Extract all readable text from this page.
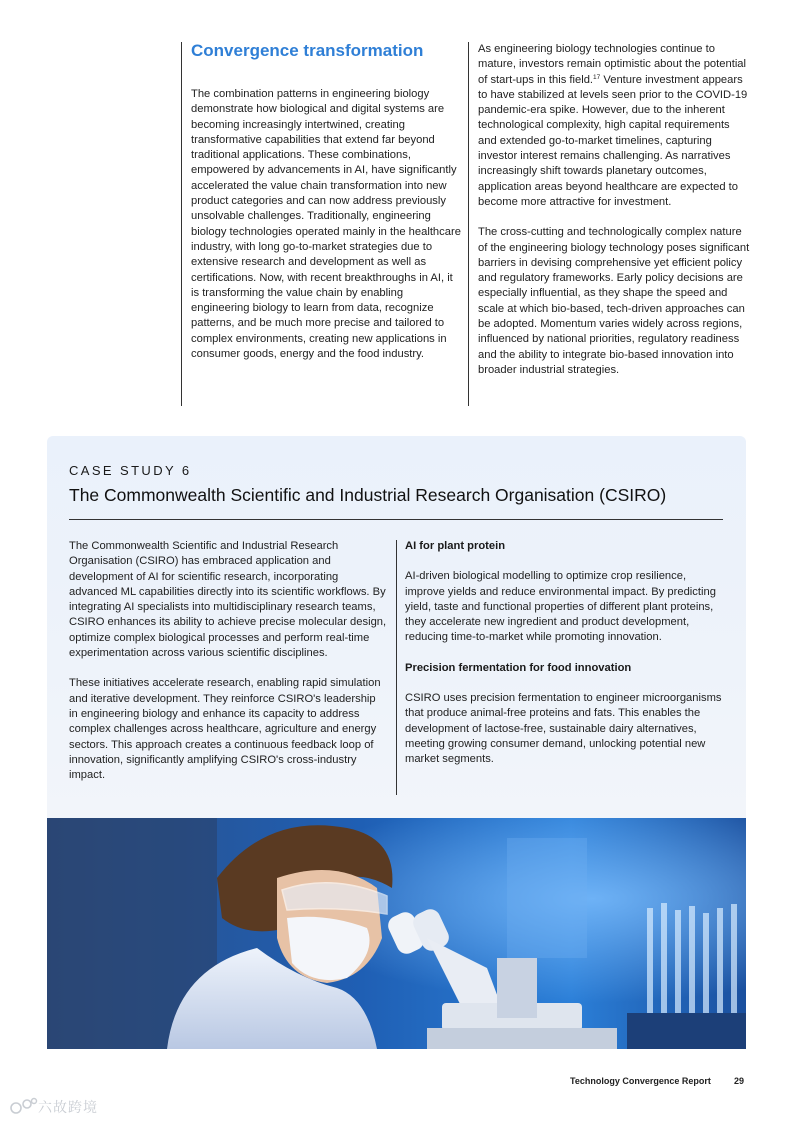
Convergence transformation

The combination patterns in engineering biology demonstrate how biological and digital systems are becoming increasingly intertwined, creating transformative capabilities that extend far beyond traditional applications. These combinations, empowered by advancements in AI, have significantly accelerated the value chain transformation into new product categories and can now address previously unsolvable challenges. Traditionally, engineering biology technologies operated mainly in the healthcare industry, with long go-to-market strategies due to extensive research and development as well as certifications. Now, with recent breakthroughs in AI, it is transforming the value chain by enabling engineering biology to learn from data, recognize patterns, and be much more precise and tailored to complex environments, creating new applications in consumer goods, energy and the food industry.

As engineering biology technologies continue to mature, investors remain optimistic about the potential of start-ups in this field.$^{17}$ Venture investment appears to have stabilized at levels seen prior to the COVID-19 pandemic-era spike. However, due to the inherent technological complexity, high capital requirements and extended go-to-market timelines, capturing investor interest remains challenging. As narratives increasingly shift towards planetary outcomes, application areas beyond healthcare are expected to become more attractive for investment.

The cross-cutting and technologically complex nature of the engineering biology technology poses significant barriers in devising comprehensive yet efficient policy and regulatory frameworks. Early policy decisions are especially influential, as they shape the speed and scale at which bio-based, tech-driven approaches can be adopted. Momentum varies widely across regions, influenced by national priorities, regulatory readiness and the ability to integrate bio-based innovation into broader industrial strategies.

CASE STUDY 6
The Commonwealth Scientific and Industrial Research Organisation (CSIRO)

The Commonwealth Scientific and Industrial Research Organisation (CSIRO) has embraced application and development of AI for scientific research, incorporating advanced ML capabilities directly into its scientific workflows. By integrating AI specialists into multidisciplinary research teams, CSIRO enhances its ability to achieve precise molecular design, optimize complex biological processes and perform real-time experimentation across various scientific disciplines.

These initiatives accelerate research, enabling rapid simulation and iterative development. They reinforce CSIRO's leadership in engineering biology and enhance its capacity to address complex challenges across healthcare, agriculture and energy sectors. This approach creates a continuous feedback loop of innovation, significantly amplifying CSIRO's cross-industry impact.

AI for plant protein

AI-driven biological modelling to optimize crop resilience, improve yields and reduce environmental impact. By predicting yield, taste and functional properties of different plant proteins, they accelerate new ingredient and product development, reducing time-to-market while promoting innovation.

Precision fermentation for food innovation

CSIRO uses precision fermentation to engineer microorganisms that produce animal-free proteins and fats. This enables the development of lactose-free, sustainable dairy alternatives, meeting growing consumer demand, unlocking potential new market segments.

Technology Convergence Report	29
六故跨境
